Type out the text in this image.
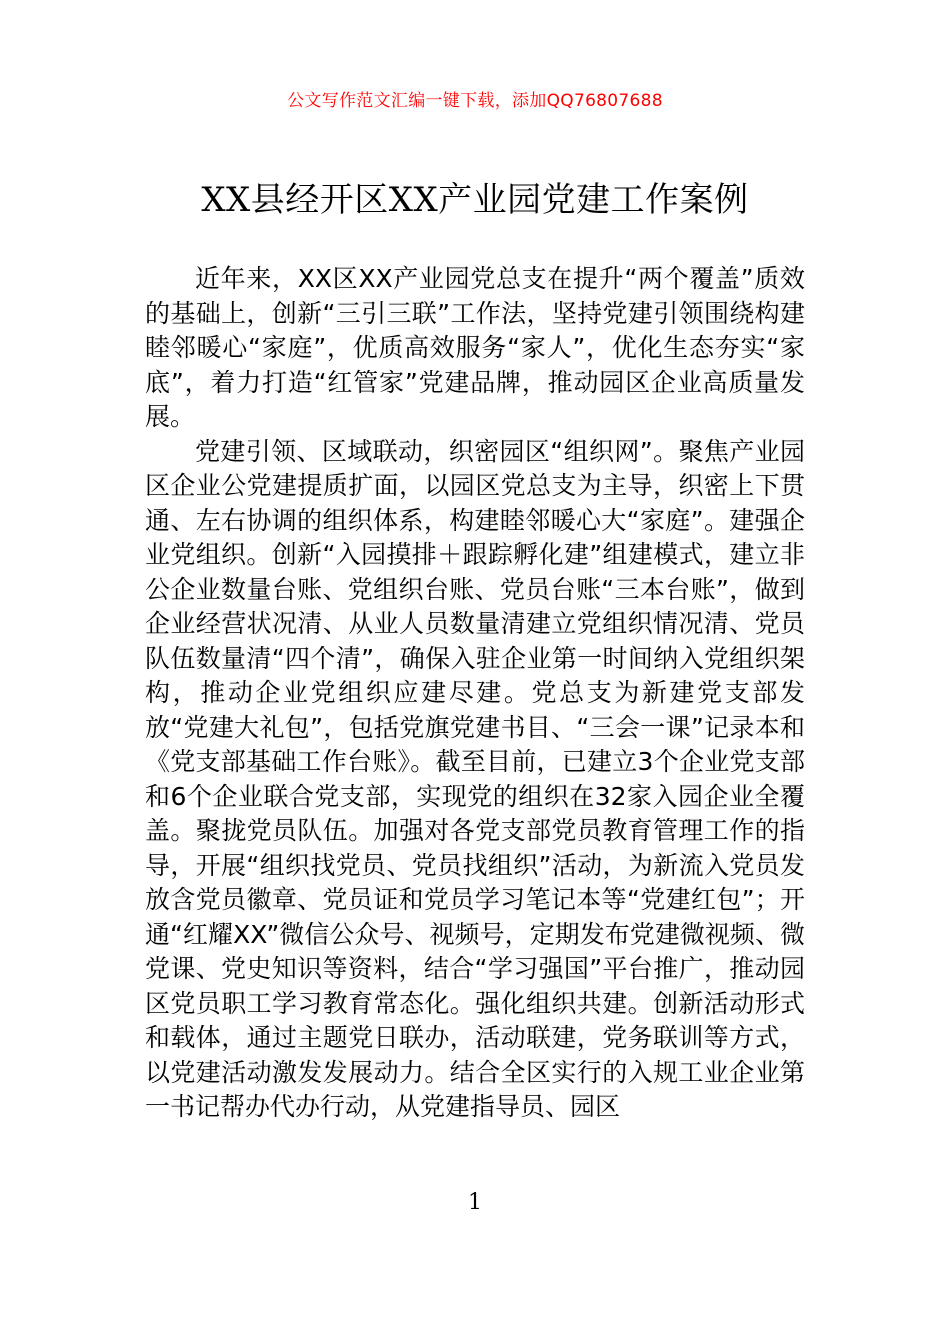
公文写作范文汇编一键下载，添加QQ76807688
XX县经开区XX产业园党建工作案例

近年来，XX区XX产业园党总支在提升“两个覆盖”质效的基础上，创新“三引三联”工作法，坚持党建引领围绕构建睦邻暖心“家庭”，优质高效服务“家人”，优化生态夯实“家底”，着力打造“红管家”党建品牌，推动园区企业高质量发展。

党建引领、区域联动，织密园区“组织网”。聚焦产业园区企业公党建提质扩面，以园区党总支为主导，织密上下贯通、左右协调的组织体系，构建睦邻暖心大“家庭”。建强企业党组织。创新“入园摸排＋跟踪孵化建”组建模式，建立非公企业数量台账、党组织台账、党员台账“三本台账”，做到企业经营状况清、从业人员数量清建立党组织情况清、党员队伍数量清“四个清”，确保入驻企业第一时间纳入党组织架构，推动企业党组织应建尽建。党总支为新建党支部发放“党建大礼包”，包括党旗党建书目、“三会一课”记录本和《党支部基础工作台账》。截至目前，已建立3个企业党支部和6个企业联合党支部，实现党的组织在32家入园企业全覆盖。聚拢党员队伍。加强对各党支部党员教育管理工作的指导，开展“组织找党员、党员找组织”活动，为新流入党员发放含党员徽章、党员证和党员学习笔记本等“党建红包”；开通“红耀XX”微信公众号、视频号，定期发布党建微视频、微党课、党史知识等资料，结合“学习强国”平台推广，推动园区党员职工学习教育常态化。强化组织共建。创新活动形式和载体，通过主题党日联办，活动联建，党务联训等方式，以党建活动激发发展动力。结合全区实行的入规工业企业第一书记帮办代办行动，从党建指导员、园区

1
